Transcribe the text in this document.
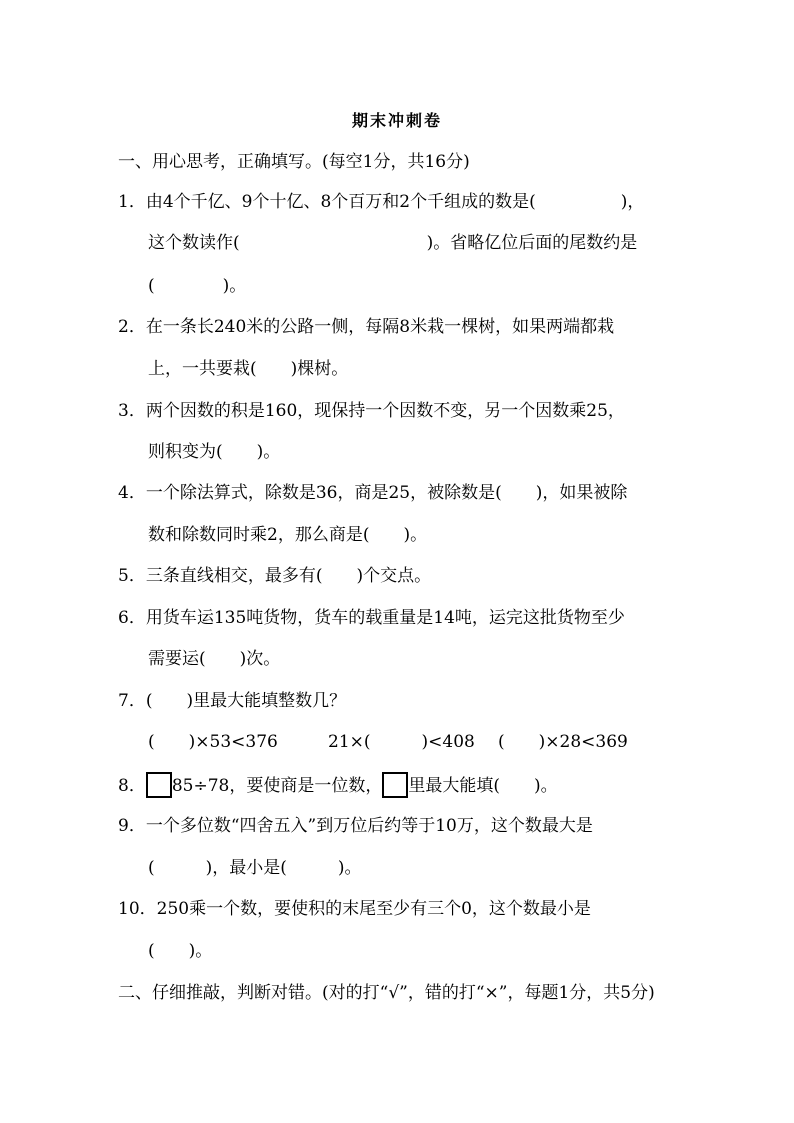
期末冲刺卷
一、用心思考，正确填写。(每空1分，共16分)
1．由4个千亿、9个十亿、8个百万和2个千组成的数是(　　　　　)，
这个数读作(　　　　　　　　　　　)。省略亿位后面的尾数约是
(　　　　)。
2．在一条长240米的公路一侧，每隔8米栽一棵树，如果两端都栽
上，一共要栽(　　)棵树。
3．两个因数的积是160，现保持一个因数不变，另一个因数乘25，
则积变为(　　)。
4．一个除法算式，除数是36，商是25，被除数是(　　)，如果被除
数和除数同时乘2，那么商是(　　)。
5．三条直线相交，最多有(　　)个交点。
6．用货车运135吨货物，货车的载重量是14吨，运完这批货物至少
需要运(　　)次。
7．(　　)里最大能填整数几？
(　　)×53<376	21×(　　　)<408 (　　)×28<369
8． 85÷78，要使商是一位数， 里最大能填(　　)。
9．一个多位数“四舍五入”到万位后约等于10万，这个数最大是
(　　　)，最小是(　　　)。
10．250乘一个数，要使积的末尾至少有三个0，这个数最小是
(　　)。
二、仔细推敲，判断对错。(对的打“√”，错的打“×”，每题1分，共5分)
